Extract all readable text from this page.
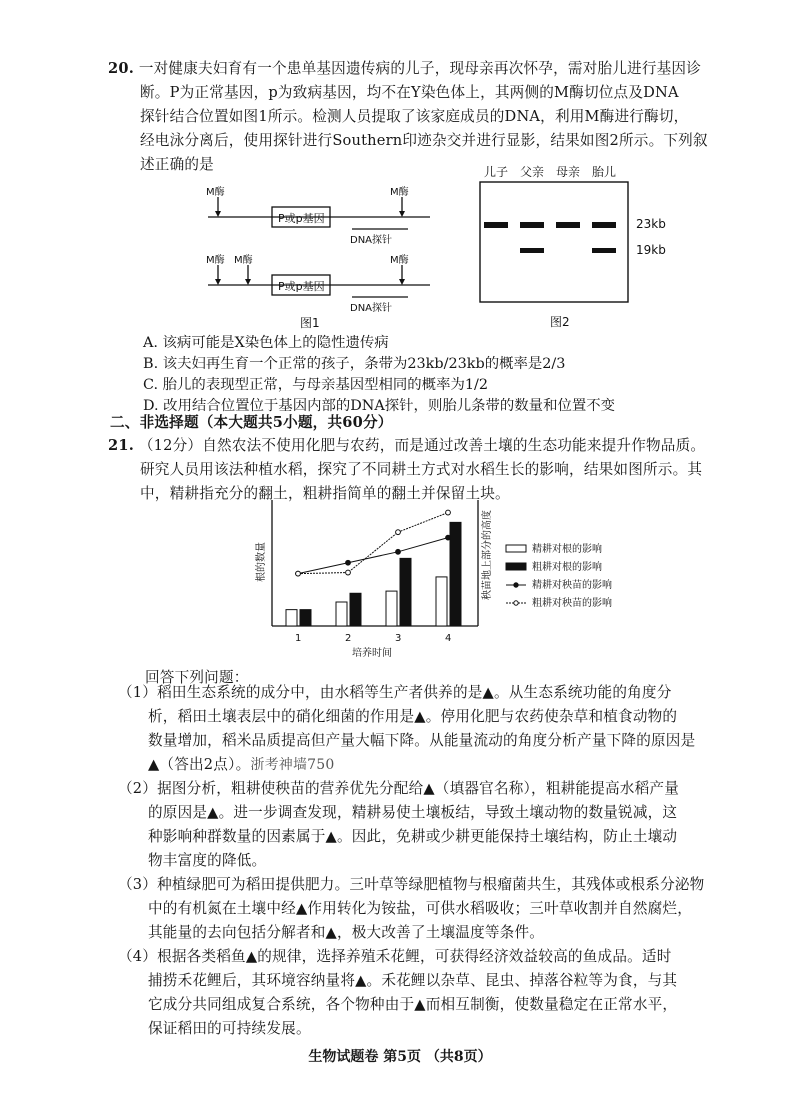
20. 一对健康夫妇育有一个患单基因遗传病的儿子，现母亲再次怀孕，需对胎儿进行基因诊
断。P为正常基因，p为致病基因，均不在Y染色体上，其两侧的M酶切位点及DNA
探针结合位置如图1所示。检测人员提取了该家庭成员的DNA，利用M酶进行酶切，
经电泳分离后，使用探针进行Southern印迹杂交并进行显影，结果如图2所示。下列叙
述正确的是
M酶	M酶
P或p基因
DNA探针
M酶 M酶	M酶
P或p基因
DNA探针
图1
儿子 父亲 母亲 胎儿
23kb
19kb
图2
A. 该病可能是X染色体上的隐性遗传病
B. 该夫妇再生育一个正常的孩子，条带为23kb/23kb的概率是2/3
C. 胎儿的表现型正常，与母亲基因型相同的概率为1/2
D. 改用结合位置位于基因内部的DNA探针，则胎儿条带的数量和位置不变
二、非选择题（本大题共5小题，共60分）
21. （12分）自然农法不使用化肥与农药，而是通过改善土壤的生态功能来提升作物品质。
研究人员用该法种植水稻，探究了不同耕土方式对水稻生长的影响，结果如图所示。其
中，精耕指充分的翻土，粗耕指简单的翻土并保留土块。
根的数量	秧苗地上部分的高度
培养时间
1	2	3	4
精耕对根的影响
粗耕对根的影响
精耕对秧苗的影响
粗耕对秧苗的影响
回答下列问题：
（1）稻田生态系统的成分中，由水稻等生产者供养的是▲。从生态系统功能的角度分
析，稻田土壤表层中的硝化细菌的作用是▲。停用化肥与农药使杂草和植食动物的
数量增加，稻米品质提高但产量大幅下降。从能量流动的角度分析产量下降的原因是
▲（答出2点）。浙考神墙750
（2）据图分析，粗耕使秧苗的营养优先分配给▲（填器官名称），粗耕能提高水稻产量
的原因是▲。进一步调查发现，精耕易使土壤板结，导致土壤动物的数量锐减，这
种影响种群数量的因素属于▲。因此，免耕或少耕更能保持土壤结构，防止土壤动
物丰富度的降低。
（3）种植绿肥可为稻田提供肥力。三叶草等绿肥植物与根瘤菌共生，其残体或根系分泌物
中的有机氮在土壤中经▲作用转化为铵盐，可供水稻吸收；三叶草收割并自然腐烂，
其能量的去向包括分解者和▲，极大改善了土壤温度等条件。
（4）根据各类稻鱼▲的规律，选择养殖禾花鲤，可获得经济效益较高的鱼成品。适时
捕捞禾花鲤后，其环境容纳量将▲。禾花鲤以杂草、昆虫、掉落谷粒等为食，与其
它成分共同组成复合系统，各个物种由于▲而相互制衡，使数量稳定在正常水平，
保证稻田的可持续发展。
生物试题卷 第5页 （共8页）
